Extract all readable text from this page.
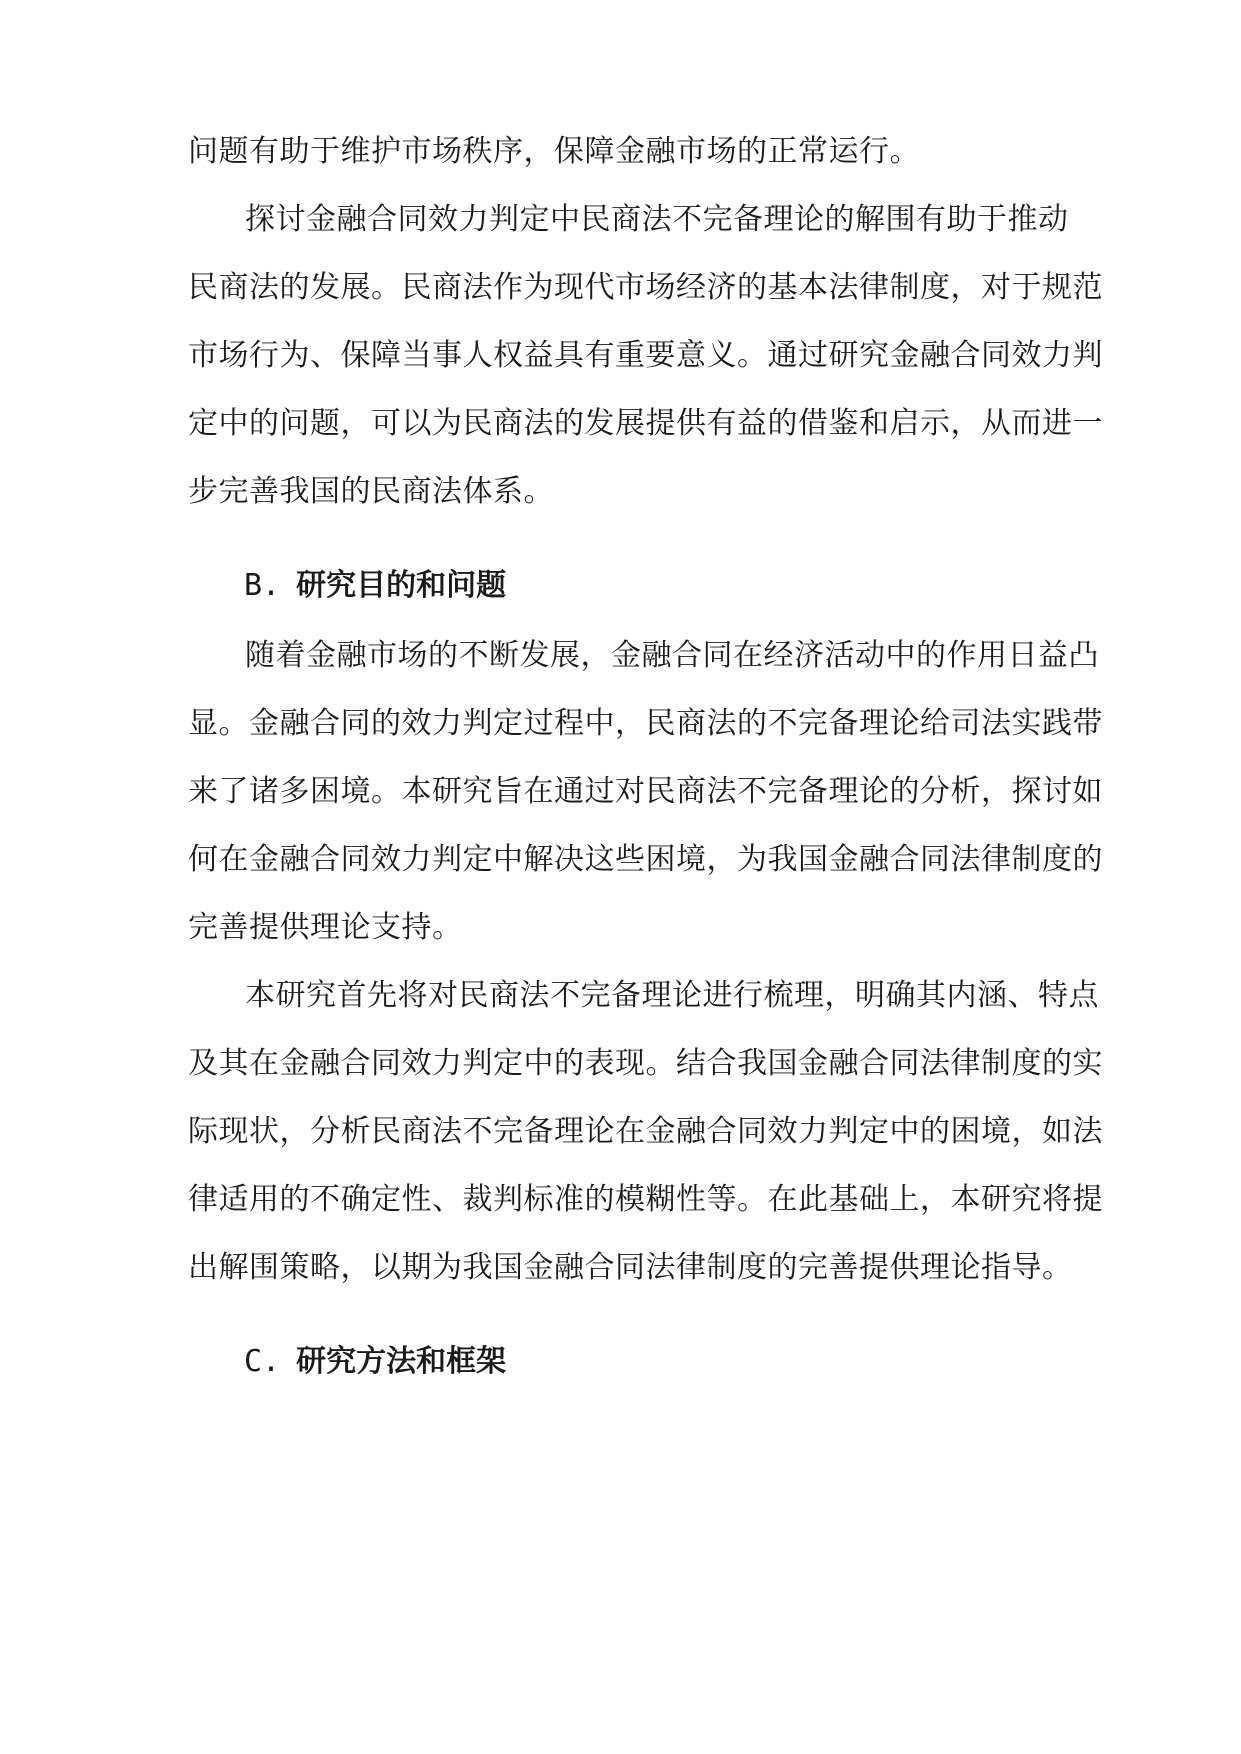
问题有助于维护市场秩序，保障金融市场的正常运行。
探讨金融合同效力判定中民商法不完备理论的解围有助于推动
民商法的发展。民商法作为现代市场经济的基本法律制度，对于规范
市场行为、保障当事人权益具有重要意义。通过研究金融合同效力判
定中的问题，可以为民商法的发展提供有益的借鉴和启示，从而进一
步完善我国的民商法体系。
B. 研究目的和问题
随着金融市场的不断发展，金融合同在经济活动中的作用日益凸
显。金融合同的效力判定过程中，民商法的不完备理论给司法实践带
来了诸多困境。本研究旨在通过对民商法不完备理论的分析，探讨如
何在金融合同效力判定中解决这些困境，为我国金融合同法律制度的
完善提供理论支持。
本研究首先将对民商法不完备理论进行梳理，明确其内涵、特点
及其在金融合同效力判定中的表现。结合我国金融合同法律制度的实
际现状，分析民商法不完备理论在金融合同效力判定中的困境，如法
律适用的不确定性、裁判标准的模糊性等。在此基础上，本研究将提
出解围策略，以期为我国金融合同法律制度的完善提供理论指导。
C. 研究方法和框架
